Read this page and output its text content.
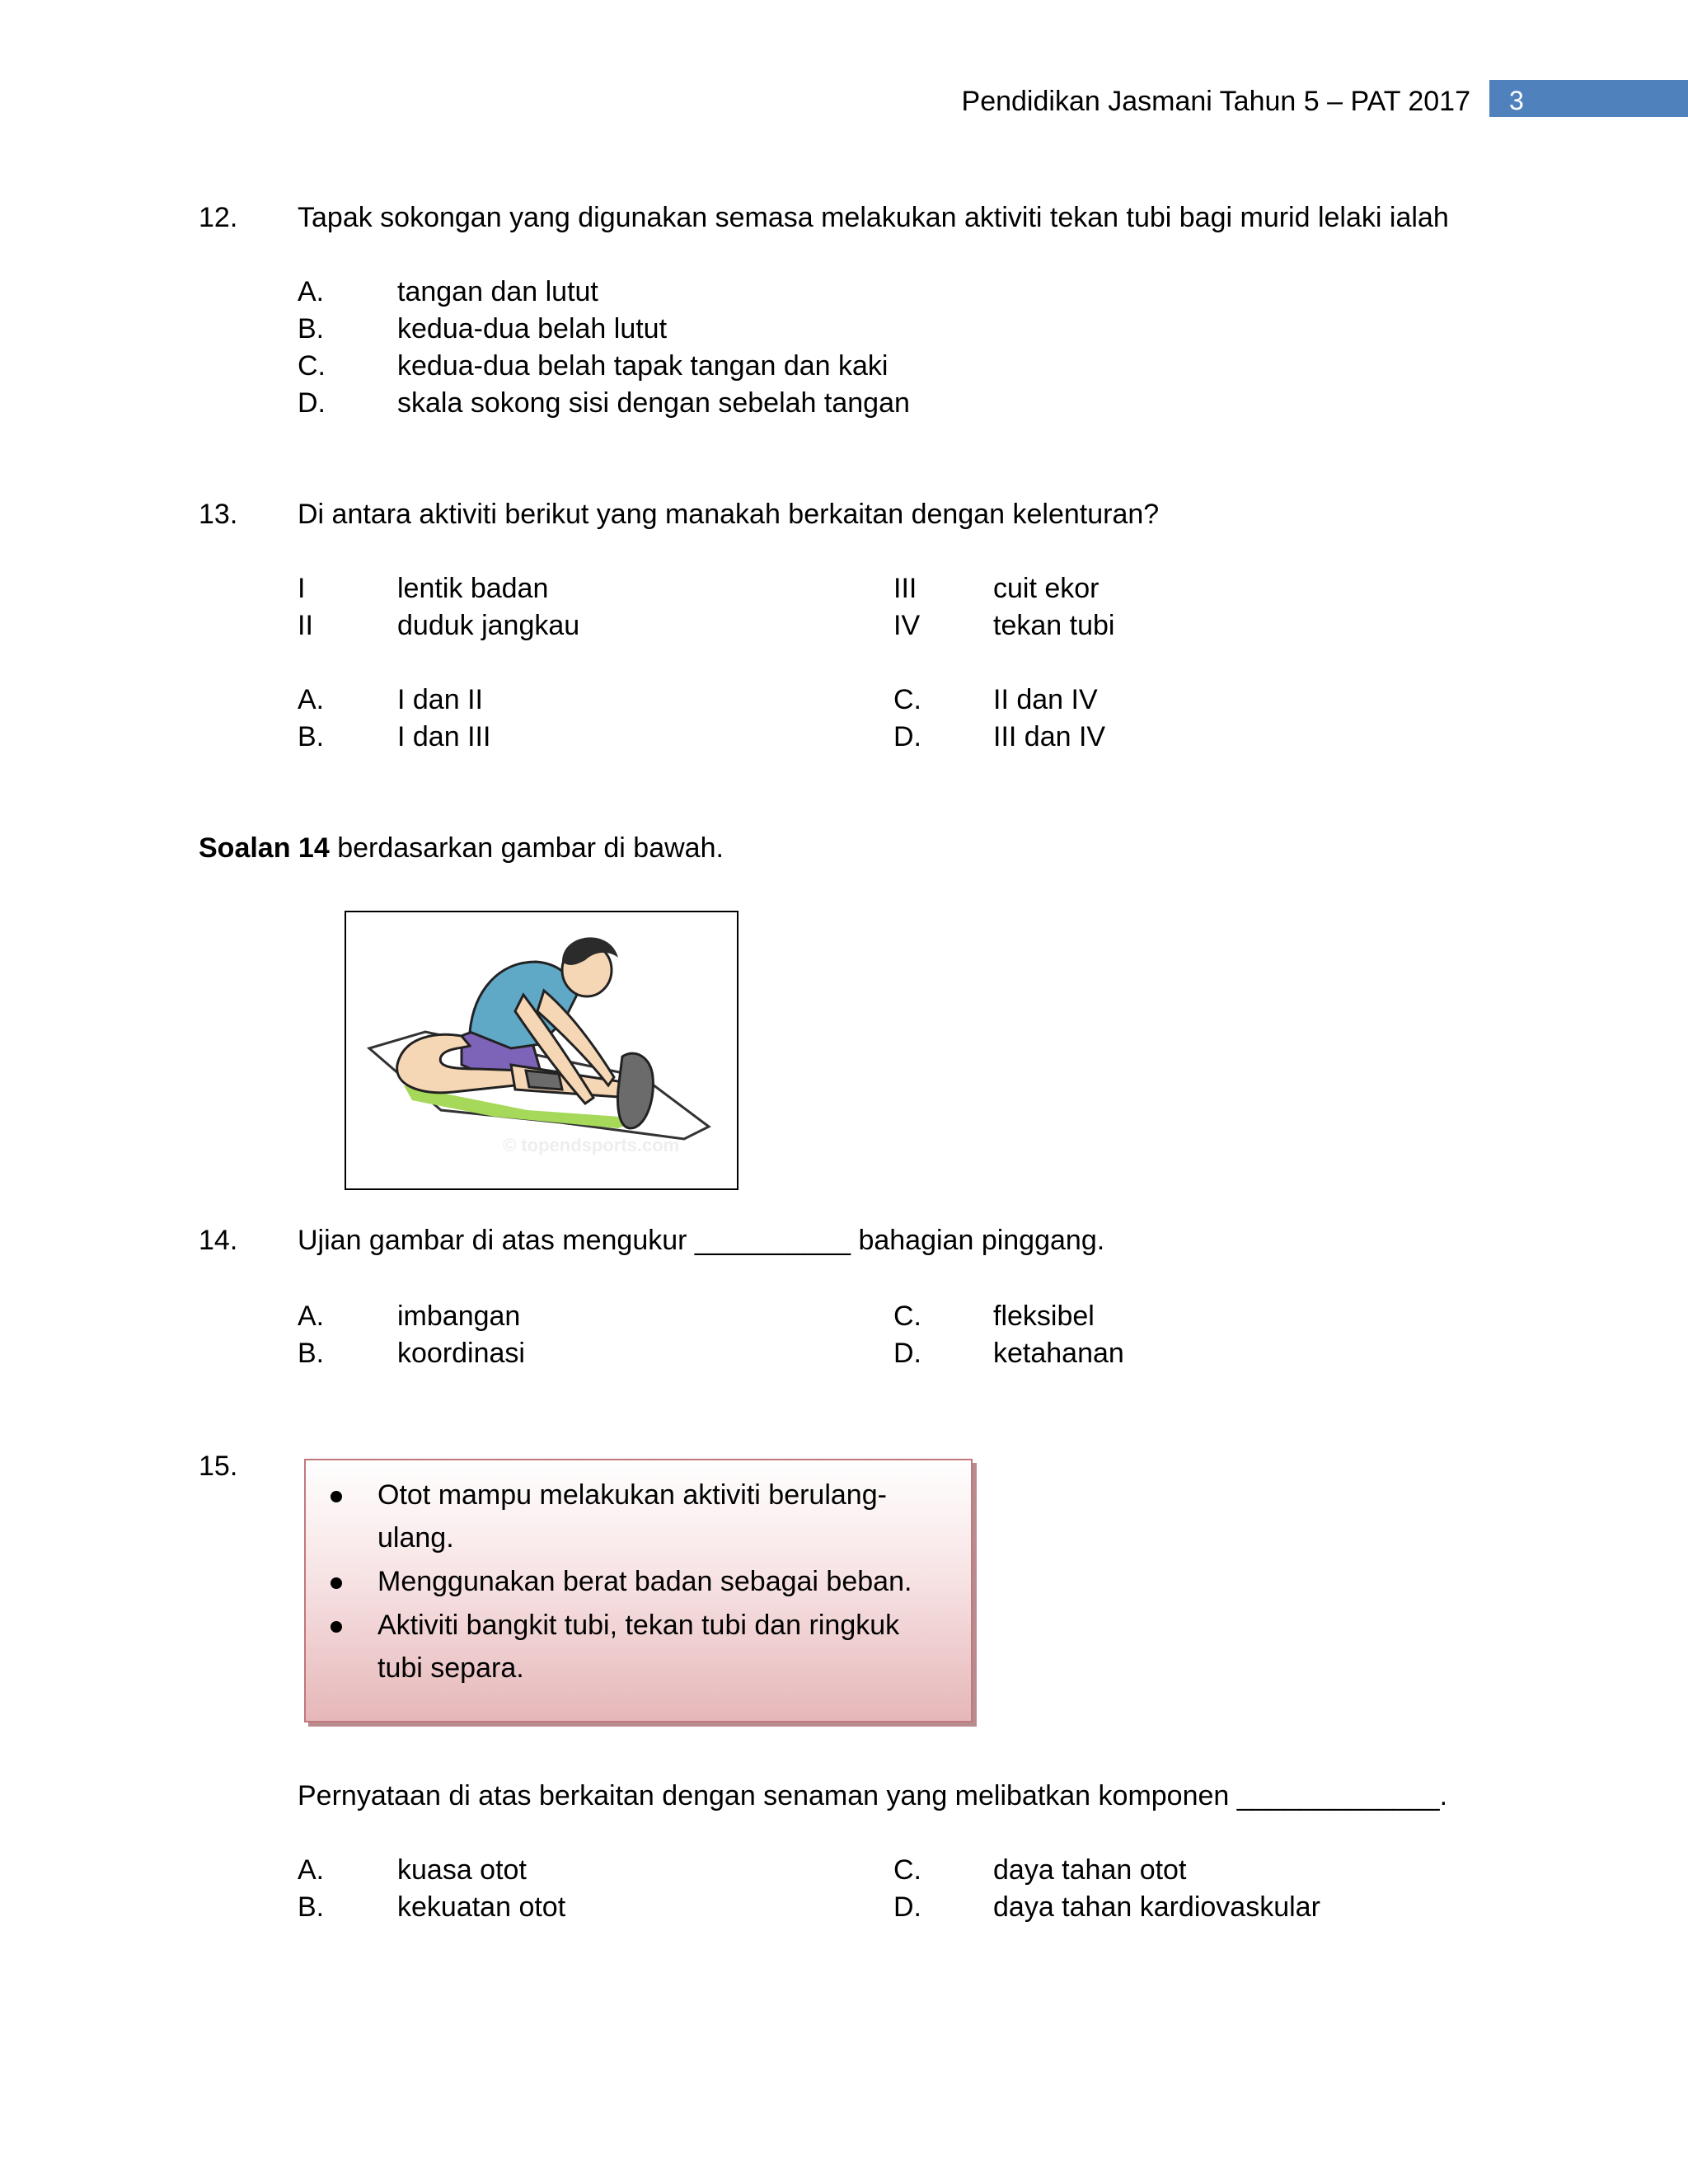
Pendidikan Jasmani Tahun 5 – PAT 2017 3
12. Tapak sokongan yang digunakan semasa melakukan aktiviti tekan tubi bagi murid lelaki ialah
A.	tangan dan lutut
B.	kedua-dua belah lutut
C.	kedua-dua belah tapak tangan dan kaki
D.	skala sokong sisi dengan sebelah tangan
13. Di antara aktiviti berikut yang manakah berkaitan dengan kelenturan?
I	lentik badan
II	duduk jangkau
III	cuit ekor
IV	tekan tubi
A.	I dan II
B.	I dan III
C.	II dan IV
D.	III dan IV
Soalan 14 berdasarkan gambar di bawah.
© topendsports.com
14. Ujian gambar di atas mengukur __________ bahagian pinggang.
A.	imbangan
B.	koordinasi
C.	fleksibel
D.	ketahanan
15.
Otot mampu melakukan aktiviti berulang-
ulang.
Menggunakan berat badan sebagai beban.
Aktiviti bangkit tubi, tekan tubi dan ringkuk
tubi separa.
Pernyataan di atas berkaitan dengan senaman yang melibatkan komponen _____________.
A.	kuasa otot
B.	kekuatan otot
C.	daya tahan otot
D.	daya tahan kardiovaskular
